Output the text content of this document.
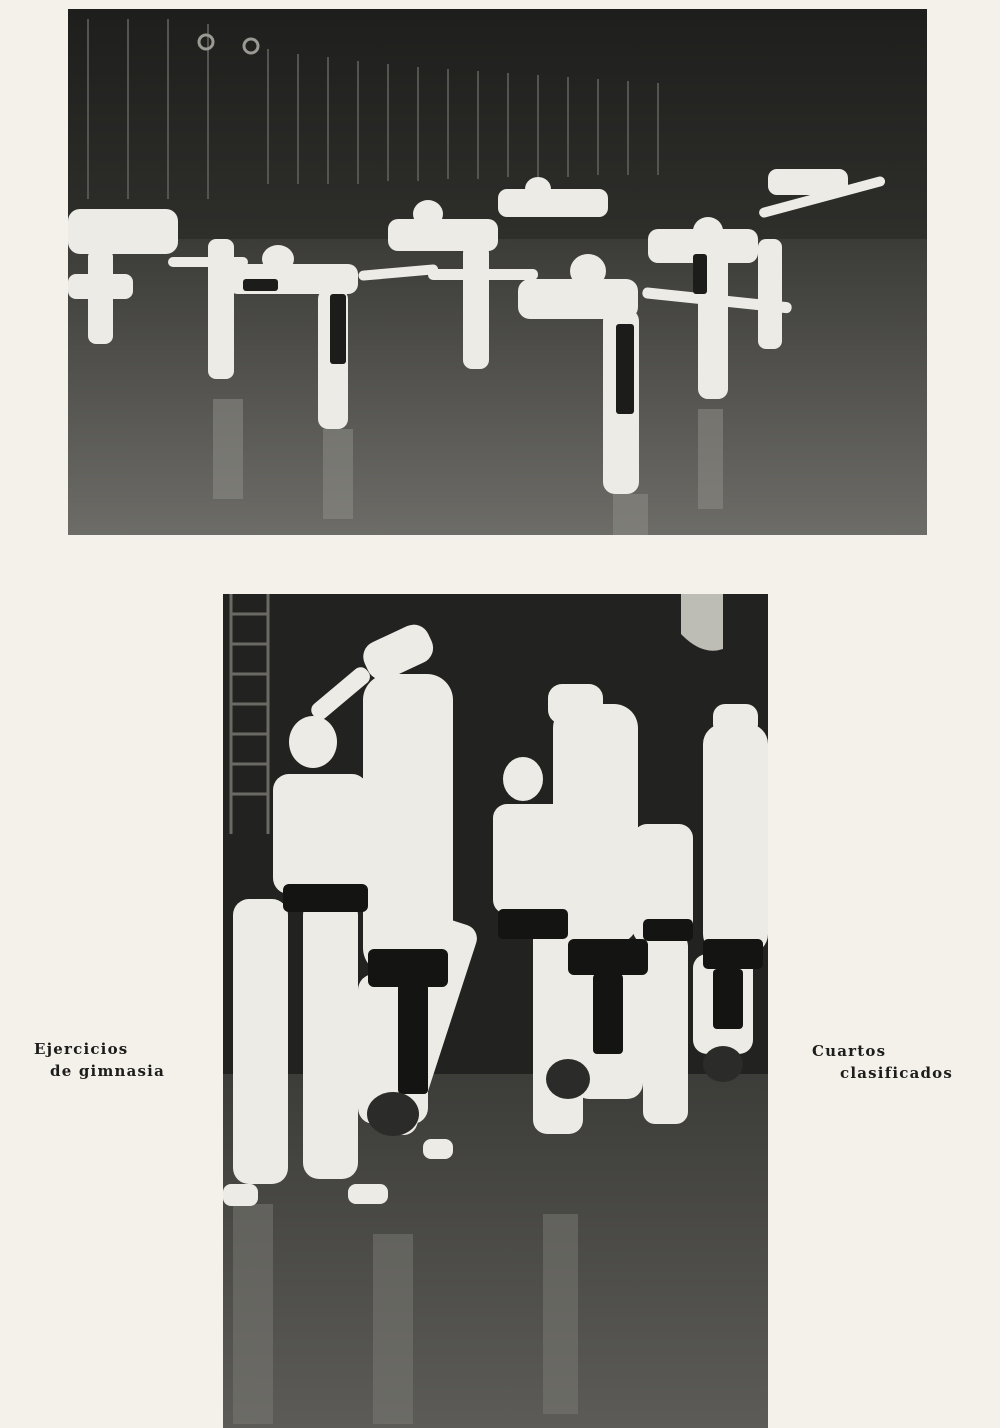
Ejercicios
de gimnasia
Cuartos
clasificados
